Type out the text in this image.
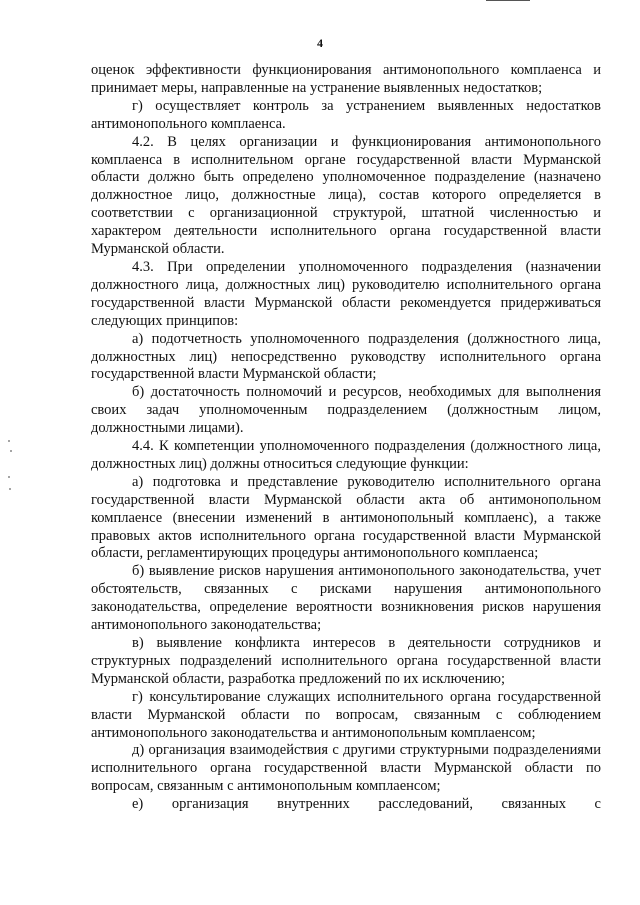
4

оценок эффективности функционирования антимонопольного комплаенса и принимает меры, направленные на устранение выявленных недостатков;

г) осуществляет контроль за устранением выявленных недостатков антимонопольного комплаенса.

4.2. В целях организации и функционирования антимонопольного комплаенса в исполнительном органе государственной власти Мурманской области должно быть определено уполномоченное подразделение (назначено должностное лицо, должностные лица), состав которого определяется в соответствии с организационной структурой, штатной численностью и характером деятельности исполнительного органа государственной власти Мурманской области.

4.3. При определении уполномоченного подразделения (назначении должностного лица, должностных лиц) руководителю исполнительного органа государственной власти Мурманской области рекомендуется придерживаться следующих принципов:

а) подотчетность уполномоченного подразделения (должностного лица, должностных лиц) непосредственно руководству исполнительного органа государственной власти Мурманской области;

б) достаточность полномочий и ресурсов, необходимых для выполнения своих задач уполномоченным подразделением (должностным лицом, должностными лицами).

4.4. К компетенции уполномоченного подразделения (должностного лица, должностных лиц) должны относиться следующие функции:

а) подготовка и представление руководителю исполнительного органа государственной власти Мурманской области акта об антимонопольном комплаенсе (внесении изменений в антимонопольный комплаенс), а также правовых актов исполнительного органа государственной власти Мурманской области, регламентирующих процедуры антимонопольного комплаенса;

б) выявление рисков нарушения антимонопольного законодательства, учет обстоятельств, связанных с рисками нарушения антимонопольного законодательства, определение вероятности возникновения рисков нарушения антимонопольного законодательства;

в) выявление конфликта интересов в деятельности сотрудников и структурных подразделений исполнительного органа государственной власти Мурманской области, разработка предложений по их исключению;

г) консультирование служащих исполнительного органа государственной власти Мурманской области по вопросам, связанным с соблюдением антимонопольного законодательства и антимонопольным комплаенсом;

д) организация взаимодействия с другими структурными подразделениями исполнительного органа государственной власти Мурманской области по вопросам, связанным с антимонопольным комплаенсом;

е) организация внутренних расследований, связанных с
